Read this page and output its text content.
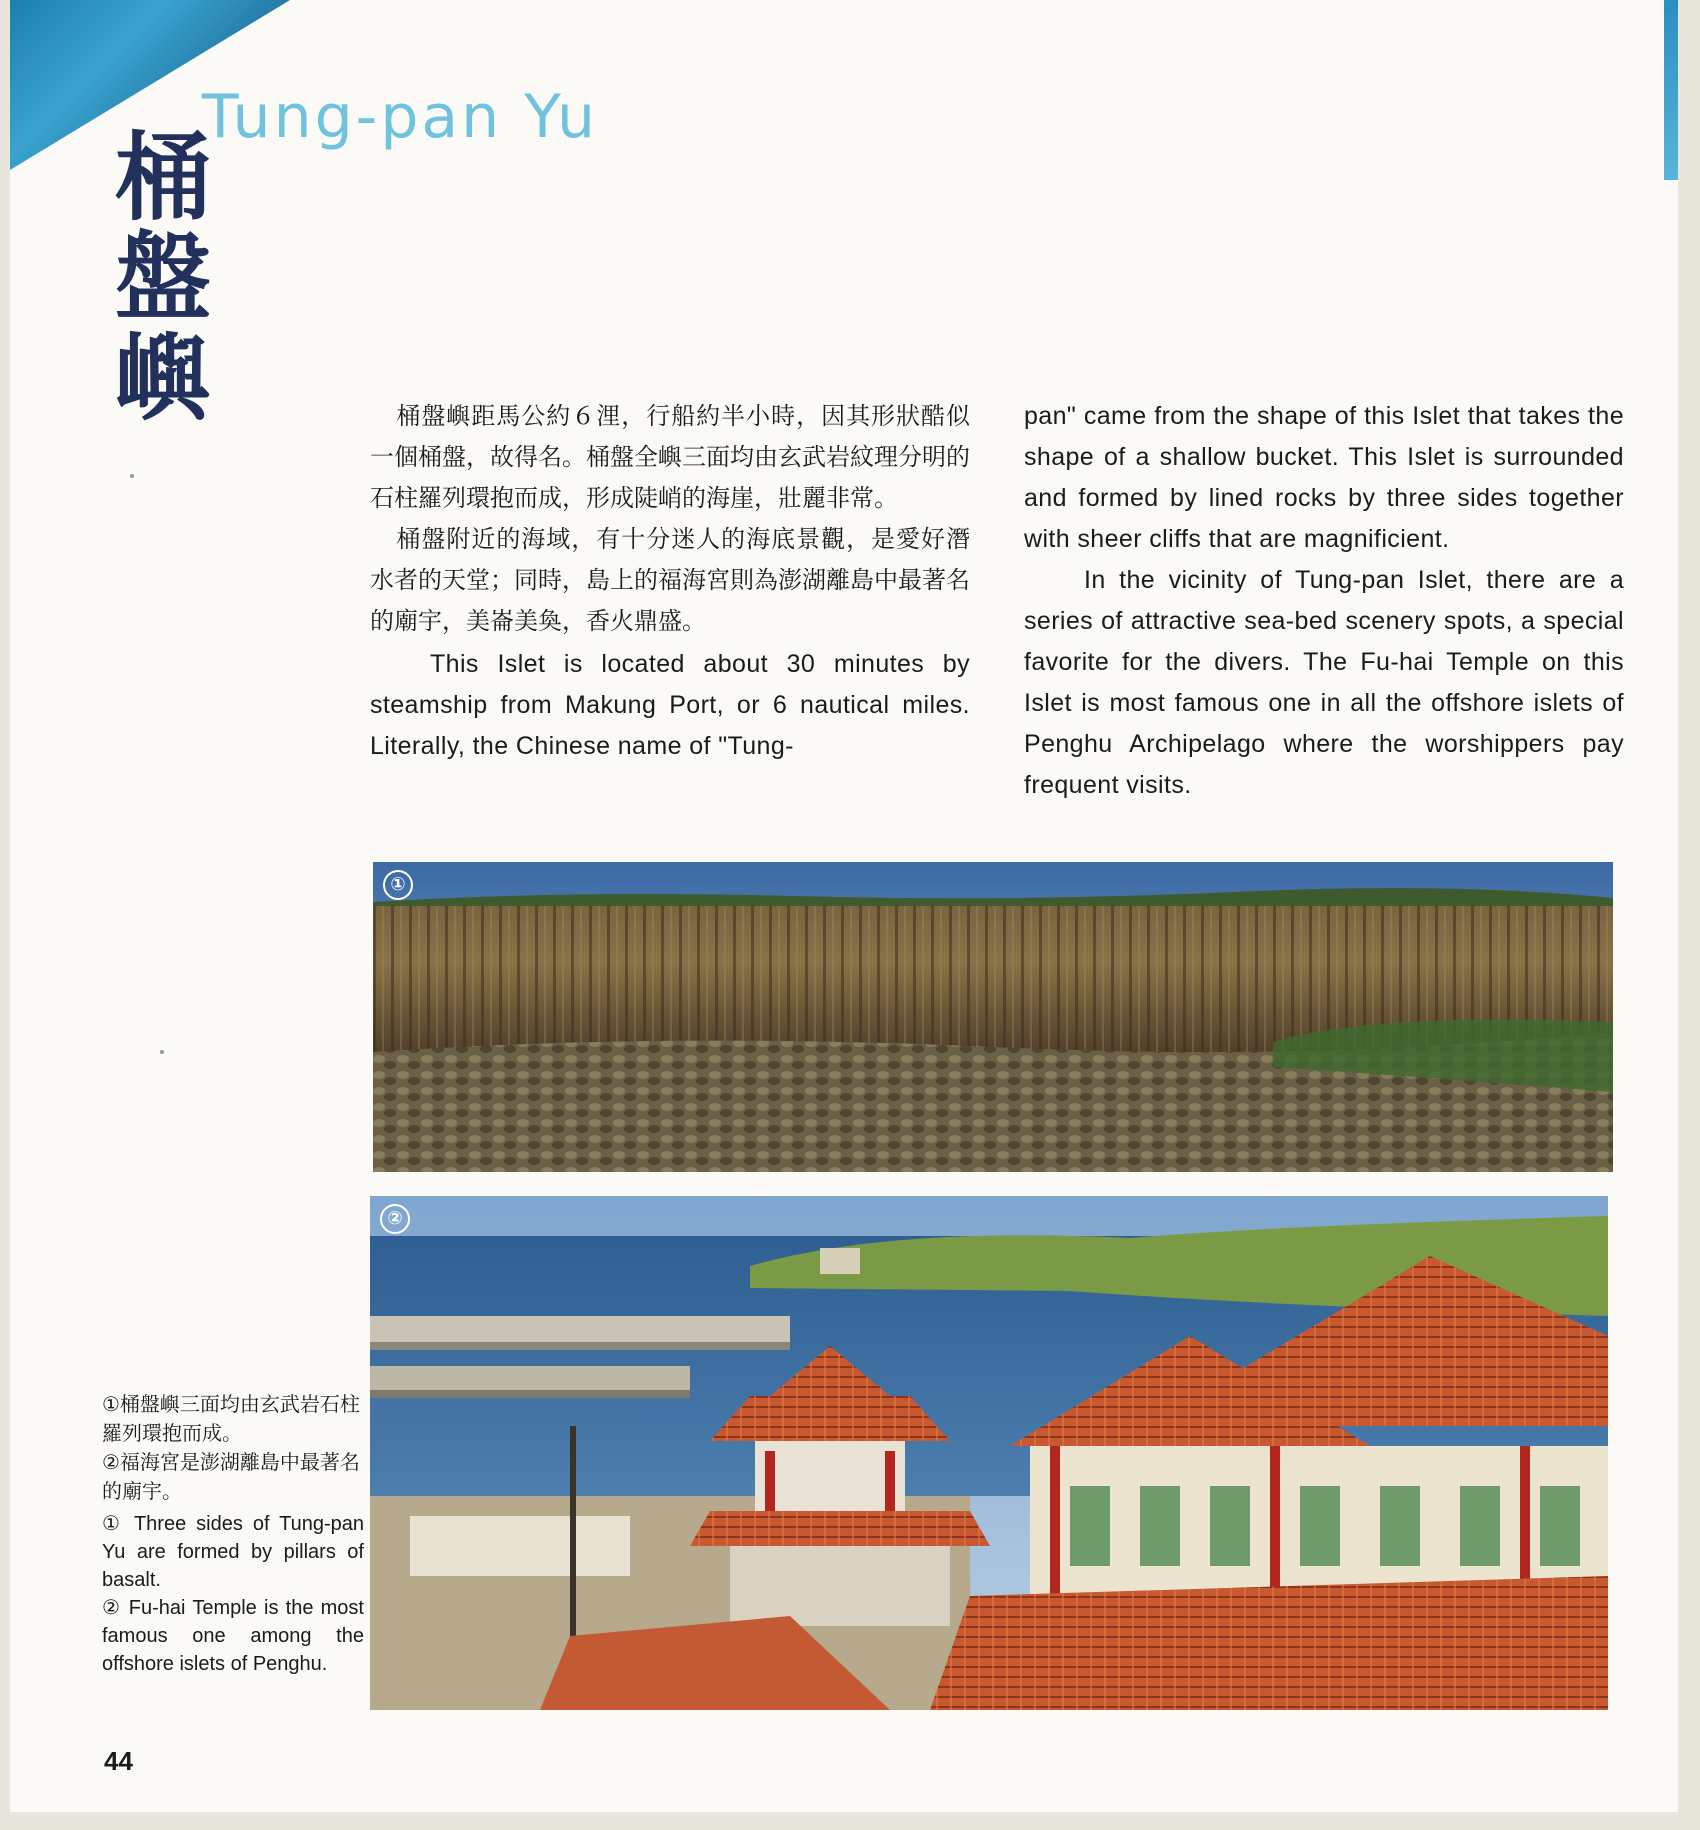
Tung-pan Yu
桶
盤
嶼	桶盤嶼距馬公約６浬，行船約半小時，因其形狀酷似一個桶盤，故得名。桶盤全嶼三面均由玄武岩紋理分明的石柱羅列環抱而成，形成陡峭的海崖，壯麗非常。

桶盤附近的海域，有十分迷人的海底景觀，是愛好潛水者的天堂；同時，島上的福海宮則為澎湖離島中最著名的廟宇，美崙美奐，香火鼎盛。

This Islet is located about 30 minutes by steamship from Makung Port, or 6 nautical miles. Literally, the Chinese name of "Tung-

pan" came from the shape of this Islet that takes the shape of a shallow bucket. This Islet is surrounded and formed by lined rocks by three sides together with sheer cliffs that are magnificient.

In the vicinity of Tung-pan Islet, there are a series of attractive sea-bed scenery spots, a special favorite for the divers. The Fu-hai Temple on this Islet is most famous one in all the offshore islets of Penghu Archipelago where the worshippers pay frequent visits.

①
②

①桶盤嶼三面均由玄武岩石柱羅列環抱而成。

②福海宮是澎湖離島中最著名的廟宇。

① Three sides of Tung-pan Yu are formed by pillars of basalt.

② Fu-hai Temple is the most famous one among the offshore islets of Penghu.

44
